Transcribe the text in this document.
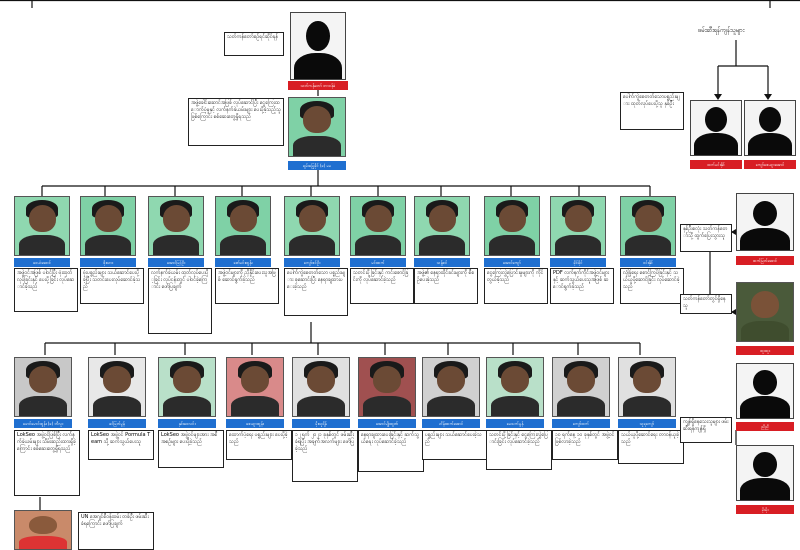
သတ်ကန်တော်စဉ်ရင်ဆိုင်ရန်
သတ်ကန်တော် တာဝန်ခံ
အဖွဲ့ခေါင်းဆောင်အဖြစ် လုပ်ဆောင်ပြီး ငွေကြေးထောက်ပံ့မှုနှင့် လက်နက်ခဲယမ်းများ ပေးပို့ခဲ့သည့်သူဖြစ်ကြောင်း စစ်ဆေးတွေ့ရှိရသည်
ချမ်းမြေ့ခိုင် (ခ) မမ
ဖမ်းဆီးရန်ကျန်သူများ
ပေါက်ကွဲစေတတ်သောပစ္စည်းများ ထုတ်လုပ်ပေးပို့သူ နှစ်ဦး
ထက်မင်းနိုင်	ကျော်ဇေယျာအောင်
ဝေယံအောင်
အဖွဲ့ဝင်အဖြစ် ပါဝင်ပြီး ဗုံးထုတ်လုပ်ခြင်းနှင့် ပေးပို့ခြင်း လုပ်ဆောင်ခဲ့သည်
ဖိုးသား
ဗုံးပစ္စည်းများ သယ်ဆောင်ပေးပို့ခဲ့ပြီး သတင်းပေးလုပ်ဆောင်ခဲ့သည်
အောင်မြင့်ဦး
လက်နက်ခဲယမ်း ထုတ်လုပ်ပေးပို့ခြင်း လုပ်ငန်းတွင် ပါဝင်ခဲ့ကြောင်း ဖော်ပြချက်
ဇော်မင်းထွန်း
အဖွဲ့ဝင်များကို ညှိနှိုင်းပေးသူအဖြစ် ဆောင်ရွက်ခဲ့သည်
ကျော်ဇင်ဦး
ပေါက်ကွဲစေတတ်သော ပစ္စည်းများ စုဆောင်းပြီး နေရာချထားပေးခဲ့သည်
မင်းထက်
သတင်းပို့ခြင်းနှင့် ကင်းစောင့်ခြင်းကို လုပ်ဆောင်ခဲ့သည်
သန့်ဇင်
အဖွဲ့၏ နေရာထိုင်ခင်းများကို စီစဉ်ပေးခဲ့သည်
အောင်ကျော်
ငွေကြေးလွှဲပြောင်းမှုများကို ကိုင်တွယ်ခဲ့သည်
ခိုင်ခိုင်
PDF လက်နက်ကိုင်အဖွဲ့ဝင်များနှင့် ဆက်သွယ်ပေးသူအဖြစ် ဆောင်ရွက်ခဲ့သည်
ဝင်းနိုင်
လုံခြုံရေး စောင့်ကြပ်ခြင်းနှင့် သယ်ယူပို့ဆောင်ခြင်း လုပ်ဆောင်ခဲ့သည်
မောင်မောင်ထွန်း (ခ) ဘီလူး
LokSeo အဖွဲ့ဝင်ဖြစ်ပြီး လက်နက်ခဲယမ်းများ သိမ်းဆည်းထားရှိခဲ့ကြောင်း စစ်ဆေးတွေ့ရှိရသည်
ခင်မြတ်မွန်
LokSeo အဖွဲ့ဝင် Pormula Team သို့ ဆက်သွယ်ပေးသူ
နှင်းဝေလင်း
LokSeo အဖွဲ့ဝင်များအား အစီအစဉ်များ ပေးပို့ခဲ့သည်
ဇေယျာထွန်း
ထောက်ပံ့ရေး ပစ္စည်းများ ပေးပို့ခဲ့သည်
မိုးသူရိန်
၁၂ ရက် ၂၀၂၁ ခုနှစ်တွင် ဖမ်းဆီးခံရပြီး အချက်အလက်များ ဖော်ပြခဲ့သည်
အောင်မျိုးထွဏ်
နေရာချထားပေးခြင်းနှင့် ဆက်သွယ်ရေး လုပ်ဆောင်ခဲ့သည်
ဟိန်းထက်အောင်
ပစ္စည်းများ သယ်ဆောင်ပေးခဲ့သည်
မေသက်မွန်
သတင်းပို့ခြင်းနှင့် ငွေကြေးလွှဲပြောင်းခြင်း လုပ်ဆောင်ခဲ့သည်
ကျော်ထက်
၁၀ ရက်နေ့ ၁၀ ခုနှစ်တွင် အဖွဲ့ဝင်ဖြစ်လာခဲ့သည်
သူရကျော်
သယ်ယူပို့ဆောင်ရေး တာဝန်ယူခဲ့သည်
UN အေဂျင်စီဝန်ထမ်း တစ်ဦး ဖမ်းဆီးခံရကြောင်း ဖော်ပြချက်
နှစ်ဦးစလုံး သတ်ကန်တော်သို့ ထွက်ပြေးသွားသူ
ထက်မြတ်အောင်
သတ်ကန်တော်တွင်ရှိနေသူ
ထူးထူး
ညီညီ
ကျန်ရှိနေသေးသူများ ဖမ်းဆီးရန်ကျန်ရှိ
မိုးမိုး
